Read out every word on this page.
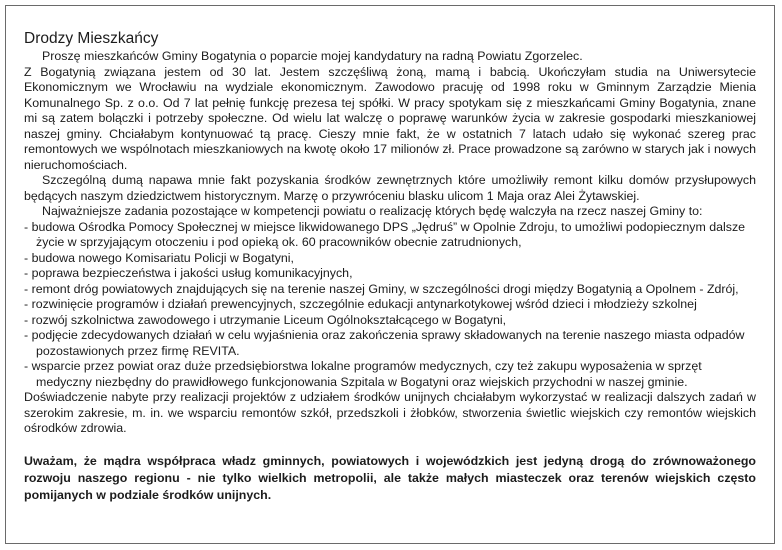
Drodzy Mieszkańcy

Proszę mieszkańców Gminy Bogatynia o poparcie mojej kandydatury na radną Powiatu Zgorzelec.

Z Bogatynią związana jestem od 30 lat. Jestem szczęśliwą żoną, mamą i babcią. Ukończyłam studia na Uniwersytecie Ekonomicznym we Wrocławiu na wydziale ekonomicznym. Zawodowo pracuję od 1998 roku w Gminnym Zarządzie Mienia Komunalnego Sp. z o.o. Od 7 lat pełnię funkcję prezesa tej spółki. W pracy spotykam się z mieszkańcami Gminy Bogatynia, znane mi są zatem bolączki i potrzeby społeczne. Od wielu lat walczę o poprawę warunków życia w zakresie gospodarki mieszkaniowej naszej gminy. Chciałabym kontynuować tą pracę. Cieszy mnie fakt, że w ostatnich 7 latach udało się wykonać szereg prac remontowych we wspólnotach mieszkaniowych na kwotę około 17 milionów zł. Prace prowadzone są zarówno w starych jak i nowych nieruchomościach.

Szczególną dumą napawa mnie fakt pozyskania środków zewnętrznych które umożliwiły remont kilku domów przysłupowych będących naszym dziedzictwem historycznym. Marzę o przywróceniu blasku ulicom 1 Maja oraz Alei Żytawskiej.

Najważniejsze zadania pozostające w kompetencji powiatu o realizację których będę walczyła na rzecz naszej Gminy to:

- budowa Ośrodka Pomocy Społecznej w miejsce likwidowanego DPS „Jędruś” w Opolnie Zdroju, to umożliwi podopiecznym dalsze życie w sprzyjającym otoczeniu i pod opieką ok. 60 pracowników obecnie zatrudnionych,
- budowa nowego Komisariatu Policji w Bogatyni,
- poprawa bezpieczeństwa i jakości usług komunikacyjnych,
- remont dróg powiatowych znajdujących się na terenie naszej Gminy, w szczególności drogi między Bogatynią a Opolnem - Zdrój,
- rozwinięcie programów i działań prewencyjnych, szczególnie edukacji antynarkotykowej wśród dzieci i młodzieży szkolnej
- rozwój szkolnictwa zawodowego i utrzymanie Liceum Ogólnokształcącego w Bogatyni,
- podjęcie zdecydowanych działań w celu wyjaśnienia oraz zakończenia sprawy składowanych na terenie naszego miasta odpadów pozostawionych przez firmę REVITA.
- wsparcie przez powiat oraz duże przedsiębiorstwa lokalne programów medycznych, czy też zakupu wyposażenia w sprzęt medyczny niezbędny do prawidłowego funkcjonowania Szpitala w Bogatyni oraz wiejskich przychodni w naszej gminie.

Doświadczenie nabyte przy realizacji projektów z udziałem środków unijnych chciałabym wykorzystać w realizacji dalszych zadań w szerokim zakresie, m. in. we wsparciu remontów szkół, przedszkoli i żłobków, stworzenia świetlic wiejskich czy remontów wiejskich ośrodków zdrowia.

Uważam, że mądra współpraca władz gminnych, powiatowych i wojewódzkich jest jedyną drogą do zrównoważonego rozwoju naszego regionu - nie tylko wielkich metropolii, ale także małych miasteczek oraz terenów wiejskich często pomijanych w podziale środków unijnych.
